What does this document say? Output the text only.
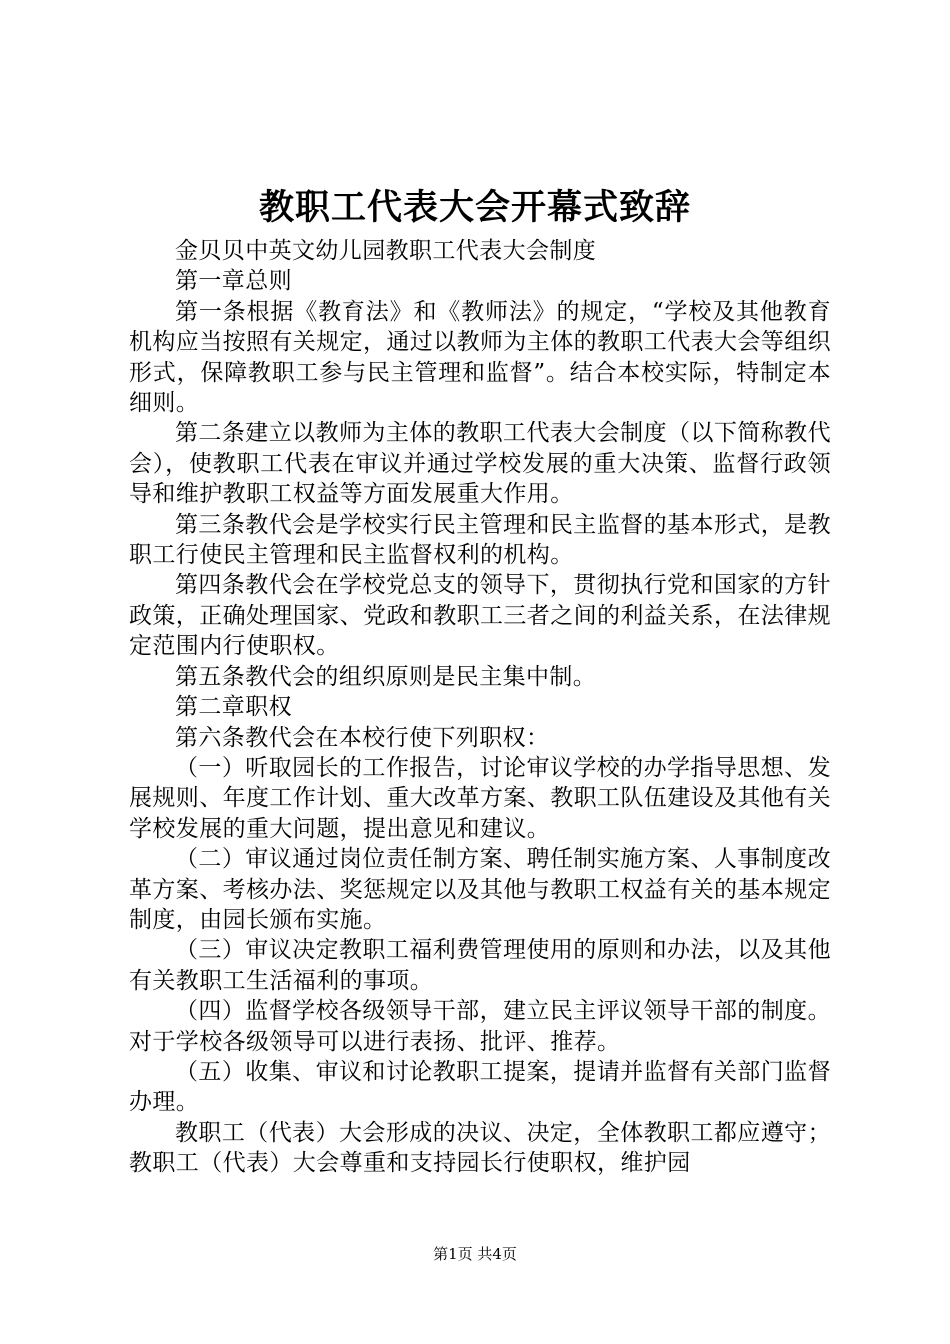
教职工代表大会开幕式致辞

金贝贝中英文幼儿园教职工代表大会制度

第一章总则

第一条根据《教育法》和《教师法》的规定，“学校及其他教育机构应当按照有关规定，通过以教师为主体的教职工代表大会等组织形式，保障教职工参与民主管理和监督”。结合本校实际，特制定本细则。

第二条建立以教师为主体的教职工代表大会制度（以下简称教代会），使教职工代表在审议并通过学校发展的重大决策、监督行政领导和维护教职工权益等方面发展重大作用。

第三条教代会是学校实行民主管理和民主监督的基本形式，是教职工行使民主管理和民主监督权利的机构。

第四条教代会在学校党总支的领导下，贯彻执行党和国家的方针政策，正确处理国家、党政和教职工三者之间的利益关系，在法律规定范围内行使职权。

第五条教代会的组织原则是民主集中制。

第二章职权

第六条教代会在本校行使下列职权：

（一）听取园长的工作报告，讨论审议学校的办学指导思想、发展规则、年度工作计划、重大改革方案、教职工队伍建设及其他有关学校发展的重大问题，提出意见和建议。

（二）审议通过岗位责任制方案、聘任制实施方案、人事制度改革方案、考核办法、奖惩规定以及其他与教职工权益有关的基本规定制度，由园长颁布实施。

（三）审议决定教职工福利费管理使用的原则和办法，以及其他有关教职工生活福利的事项。

（四）监督学校各级领导干部，建立民主评议领导干部的制度。对于学校各级领导可以进行表扬、批评、推荐。

（五）收集、审议和讨论教职工提案，提请并监督有关部门监督办理。

教职工（代表）大会形成的决议、决定，全体教职工都应遵守；教职工（代表）大会尊重和支持园长行使职权，维护园

第1页 共4页
